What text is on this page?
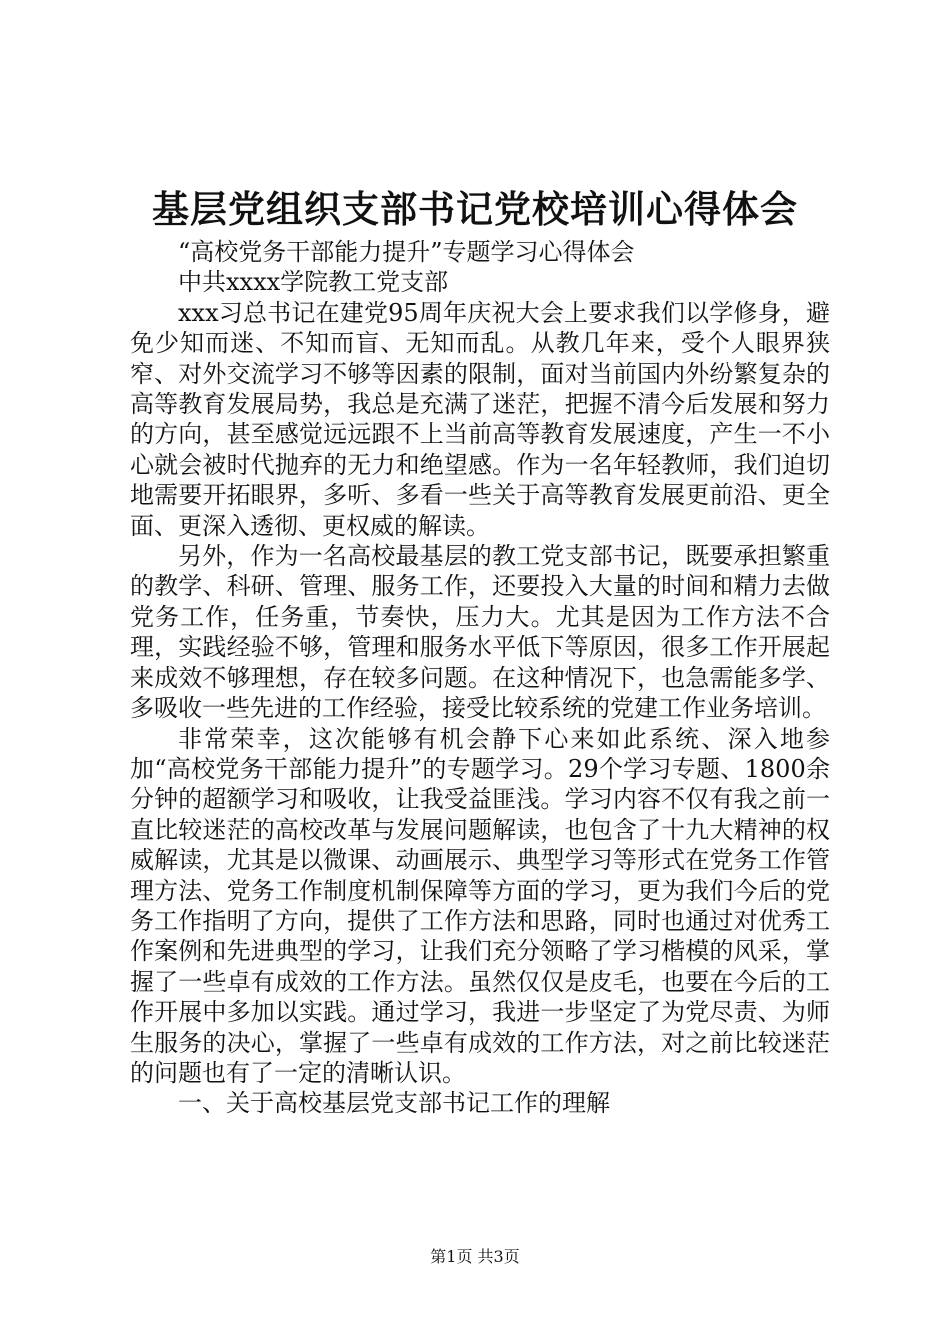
基层党组织支部书记党校培训心得体会

“高校党务干部能力提升”专题学习心得体会

中共xxxx学院教工党支部

xxx习总书记在建党95周年庆祝大会上要求我们以学修身，避免少知而迷、不知而盲、无知而乱。从教几年来，受个人眼界狭窄、对外交流学习不够等因素的限制，面对当前国内外纷繁复杂的高等教育发展局势，我总是充满了迷茫，把握不清今后发展和努力的方向，甚至感觉远远跟不上当前高等教育发展速度，产生一不小心就会被时代抛弃的无力和绝望感。作为一名年轻教师，我们迫切地需要开拓眼界，多听、多看一些关于高等教育发展更前沿、更全面、更深入透彻、更权威的解读。

另外，作为一名高校最基层的教工党支部书记，既要承担繁重的教学、科研、管理、服务工作，还要投入大量的时间和精力去做党务工作，任务重，节奏快，压力大。尤其是因为工作方法不合理，实践经验不够，管理和服务水平低下等原因，很多工作开展起来成效不够理想，存在较多问题。在这种情况下，也急需能多学、多吸收一些先进的工作经验，接受比较系统的党建工作业务培训。

非常荣幸，这次能够有机会静下心来如此系统、深入地参加“高校党务干部能力提升”的专题学习。29个学习专题、1800余分钟的超额学习和吸收，让我受益匪浅。学习内容不仅有我之前一直比较迷茫的高校改革与发展问题解读，也包含了十九大精神的权威解读，尤其是以微课、动画展示、典型学习等形式在党务工作管理方法、党务工作制度机制保障等方面的学习，更为我们今后的党务工作指明了方向，提供了工作方法和思路，同时也通过对优秀工作案例和先进典型的学习，让我们充分领略了学习楷模的风采，掌握了一些卓有成效的工作方法。虽然仅仅是皮毛，也要在今后的工作开展中多加以实践。通过学习，我进一步坚定了为党尽责、为师生服务的决心，掌握了一些卓有成效的工作方法，对之前比较迷茫的问题也有了一定的清晰认识。

一、关于高校基层党支部书记工作的理解

第1页 共3页
